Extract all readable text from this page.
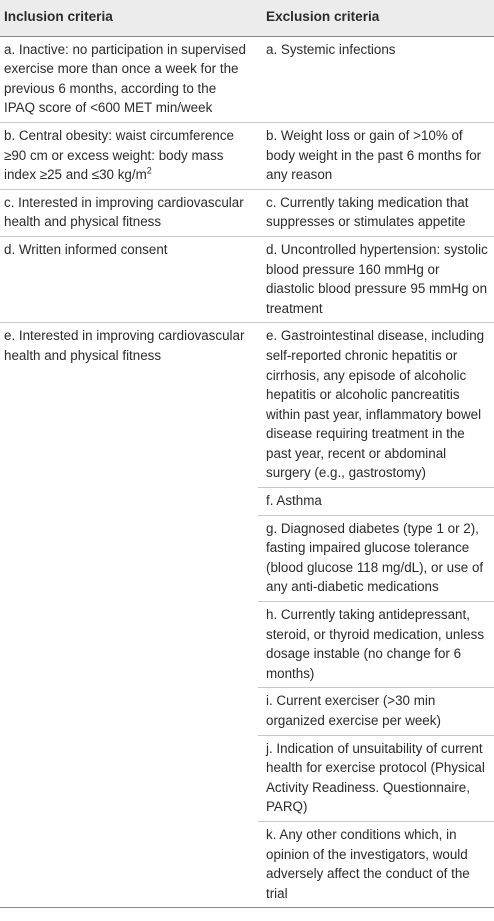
Inclusion criteria	Exclusion criteria
a. Inactive: no participation in supervised exercise more than once a week for the previous 6 months, according to the IPAQ score of <600 MET min/week	a. Systemic infections
b. Central obesity: waist circumference ≥90 cm or excess weight: body mass index ≥25 and ≤30 $kg/m^2$	b. Weight loss or gain of >10% of body weight in the past 6 months for any reason
c. Interested in improving cardiovascular health and physical fitness	c. Currently taking medication that suppresses or stimulates appetite
d. Written informed consent	d. Uncontrolled hypertension: systolic blood pressure 160 mmHg or diastolic blood pressure 95 mmHg on treatment
e. Interested in improving cardiovascular health and physical fitness	e. Gastrointestinal disease, including self-reported chronic hepatitis or cirrhosis, any episode of alcoholic hepatitis or alcoholic pancreatitis within past year, inflammatory bowel disease requiring treatment in the past year, recent or abdominal surgery (e.g., gastrostomy)
	f. Asthma
	g. Diagnosed diabetes (type 1 or 2), fasting impaired glucose tolerance (blood glucose 118 mg/dL), or use of any anti-diabetic medications
	h. Currently taking antidepressant, steroid, or thyroid medication, unless dosage instable (no change for 6 months)
	i. Current exerciser (>30 min organized exercise per week)
	j. Indication of unsuitability of current health for exercise protocol (Physical Activity Readiness. Questionnaire, PARQ)
	k. Any other conditions which, in opinion of the investigators, would adversely affect the conduct of the trial
